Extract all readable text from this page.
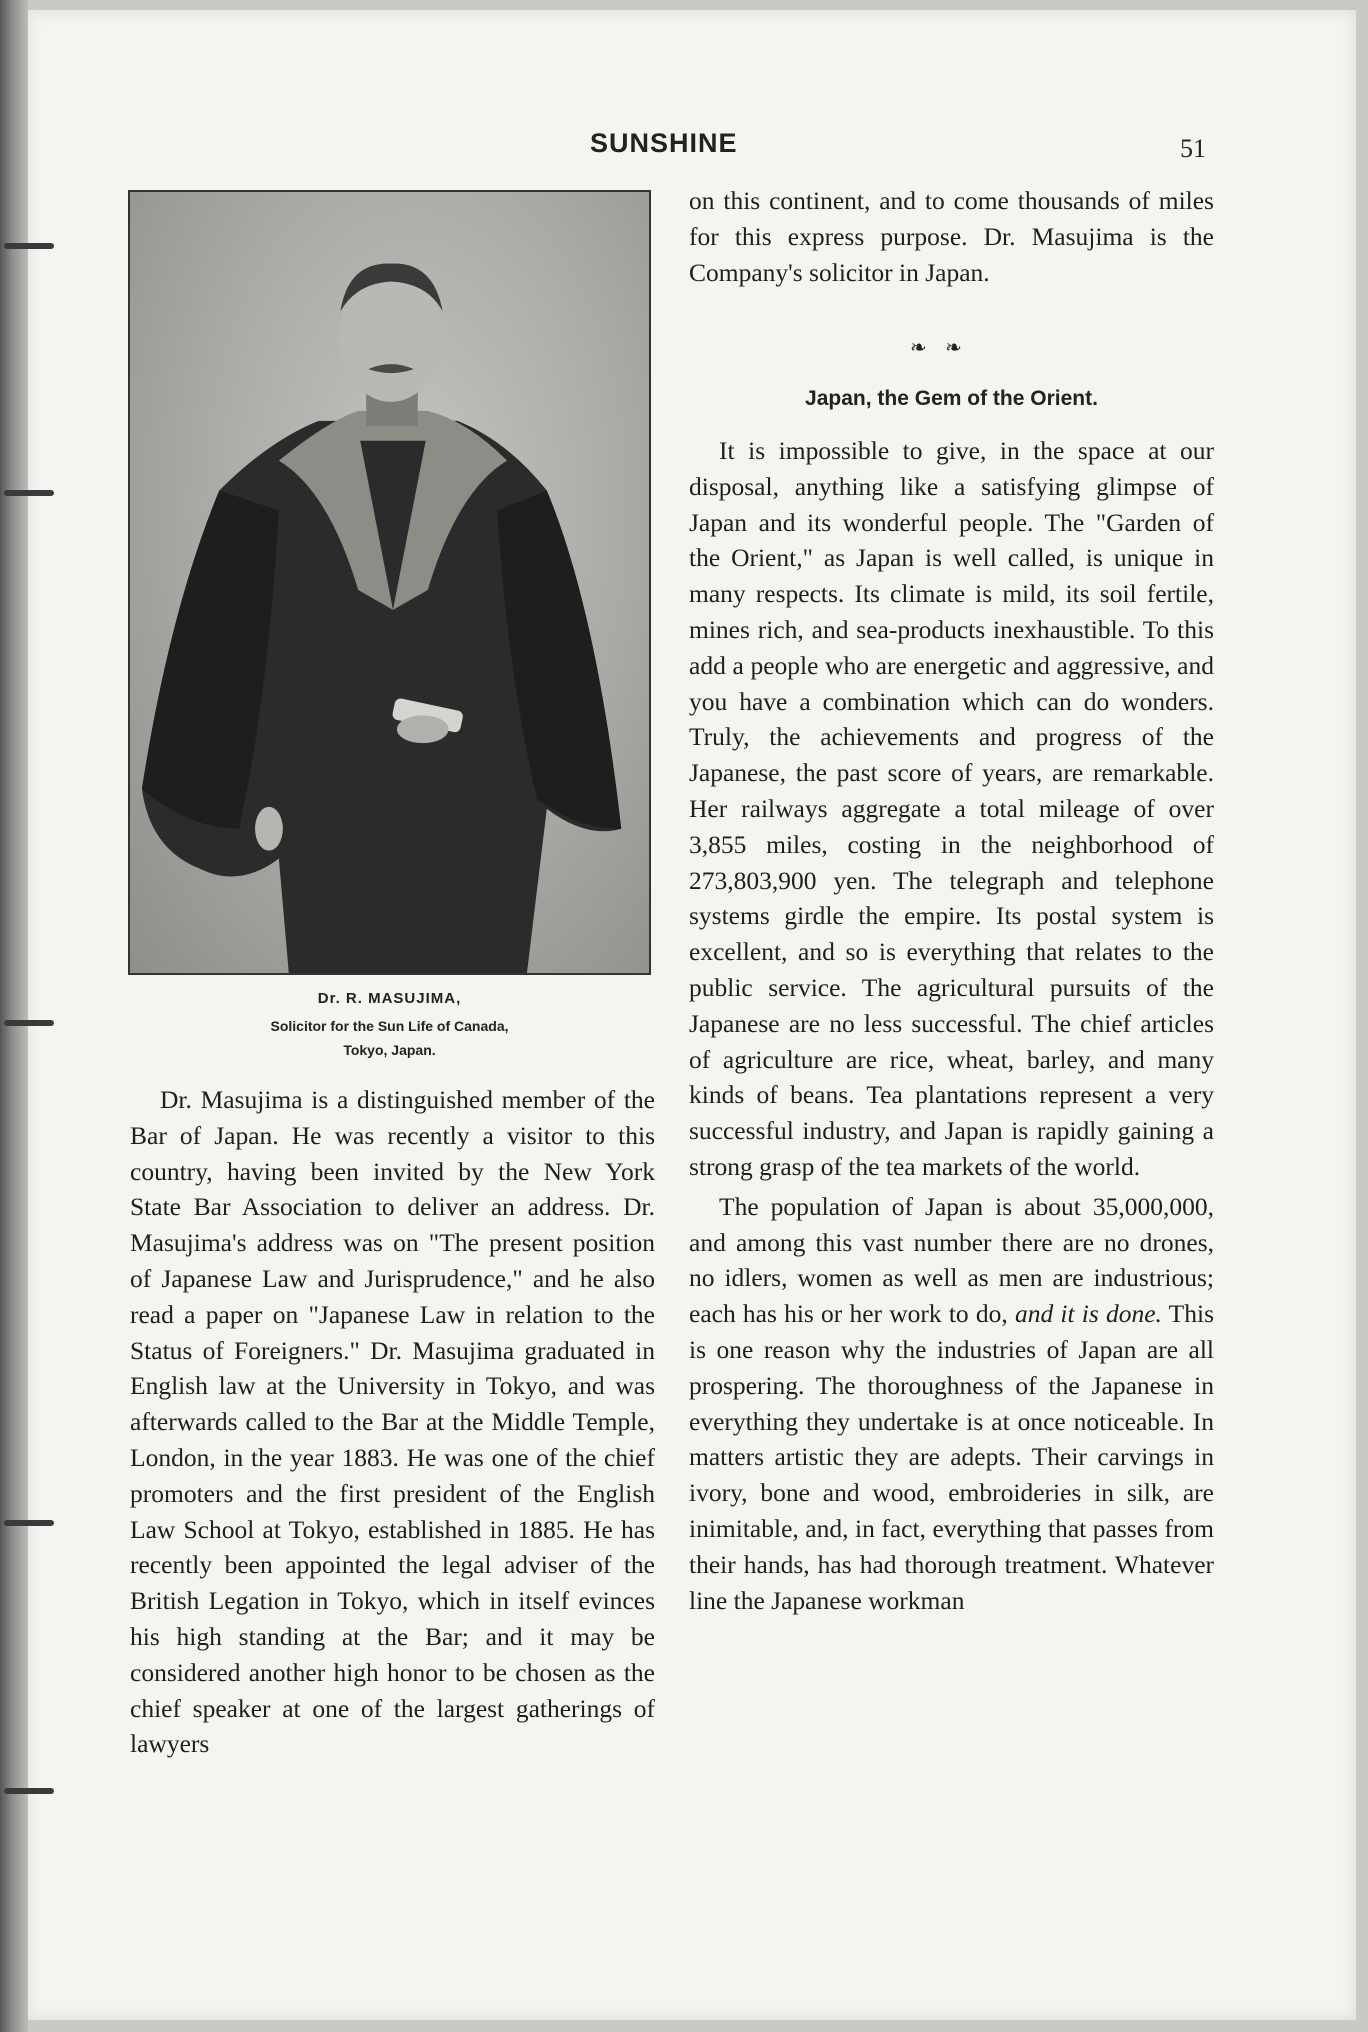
SUNSHINE	51
Dr. R. MASUJIMA,
Solicitor for the Sun Life of Canada,
Tokyo, Japan.

Dr. Masujima is a distinguished member of the Bar of Japan. He was recently a visitor to this country, having been invited by the New York State Bar Association to deliver an address. Dr. Masujima's address was on "The present position of Japanese Law and Jurisprudence," and he also read a paper on "Japanese Law in relation to the Status of Foreigners." Dr. Masujima graduated in English law at the University in Tokyo, and was afterwards called to the Bar at the Middle Temple, London, in the year 1883. He was one of the chief promoters and the first president of the English Law School at Tokyo, established in 1885. He has recently been appointed the legal adviser of the British Legation in Tokyo, which in itself evinces his high standing at the Bar; and it may be considered another high honor to be chosen as the chief speaker at one of the largest gatherings of lawyers

on this continent, and to come thousands of miles for this express purpose. Dr. Masujima is the Company's solicitor in Japan.

❧ ❧
Japan, the Gem of the Orient.

It is impossible to give, in the space at our disposal, anything like a satisfying glimpse of Japan and its wonderful people. The "Garden of the Orient," as Japan is well called, is unique in many respects. Its climate is mild, its soil fertile, mines rich, and sea-products inexhaustible. To this add a people who are energetic and aggressive, and you have a combination which can do wonders. Truly, the achievements and progress of the Japanese, the past score of years, are remarkable. Her railways aggregate a total mileage of over 3,855 miles, costing in the neighborhood of 273,803,900 yen. The telegraph and telephone systems girdle the empire. Its postal system is excellent, and so is everything that relates to the public service. The agricultural pursuits of the Japanese are no less successful. The chief articles of agriculture are rice, wheat, barley, and many kinds of beans. Tea plantations represent a very successful industry, and Japan is rapidly gaining a strong grasp of the tea markets of the world.

The population of Japan is about 35,000,000, and among this vast number there are no drones, no idlers, women as well as men are industrious; each has his or her work to do, and it is done. This is one reason why the industries of Japan are all prospering. The thoroughness of the Japanese in everything they undertake is at once noticeable. In matters artistic they are adepts. Their carvings in ivory, bone and wood, embroideries in silk, are inimitable, and, in fact, everything that passes from their hands, has had thorough treatment. Whatever line the Japanese workman
